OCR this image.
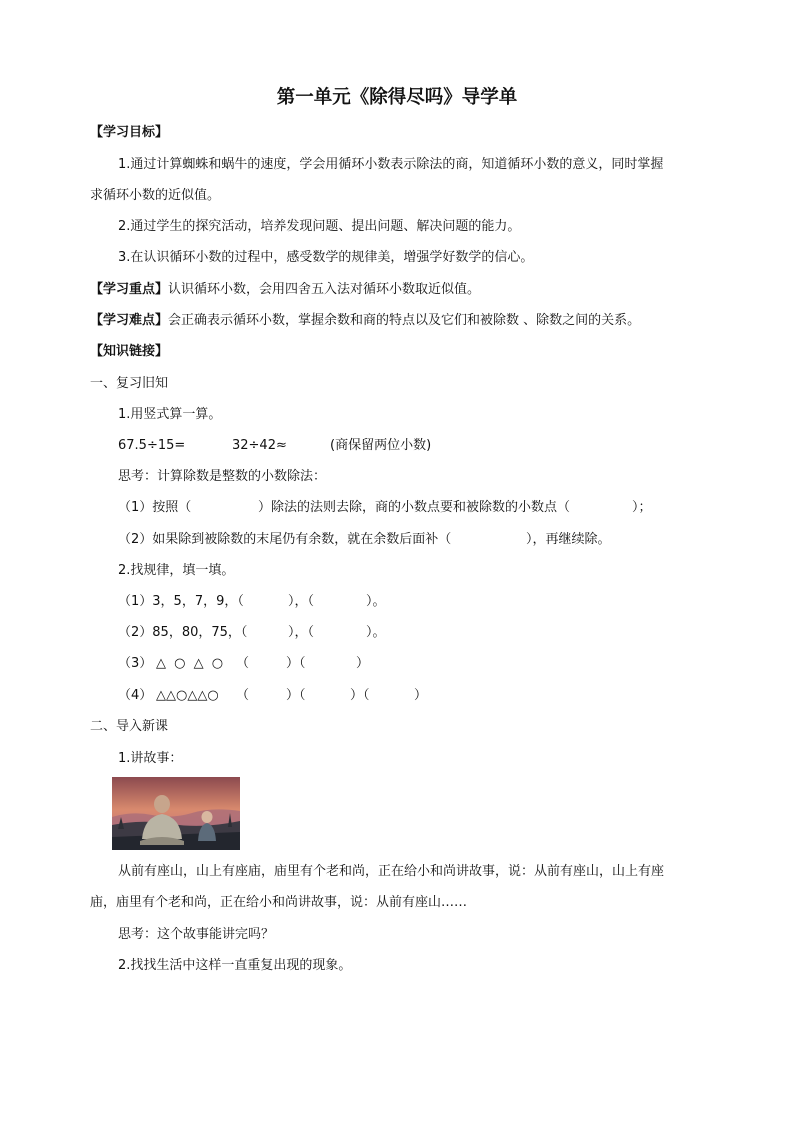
第一单元《除得尽吗》导学单
【学习目标】
1.通过计算蜘蛛和蜗牛的速度，学会用循环小数表示除法的商，知道循环小数的意义，同时掌握
求循环小数的近似值。
2.通过学生的探究活动，培养发现问题、提出问题、解决问题的能力。
3.在认识循环小数的过程中，感受数学的规律美，增强学好数学的信心。
【学习重点】认识循环小数，会用四舍五入法对循环小数取近似值。
【学习难点】会正确表示循环小数，掌握余数和商的特点以及它们和被除数 、除数之间的关系。
【知识链接】
一、复习旧知
1.用竖式算一算。
67.5÷15=	32÷42≈	(商保留两位小数)
思考：计算除数是整数的小数除法：
（1）按照（	）除法的法则去除，商的小数点要和被除数的小数点（	）；
（2）如果除到被除数的末尾仍有余数，就在余数后面补（	），再继续除。
2.找规律，填一填。
（1）3，5，7，9，（	），（	）。
（2）85，80，75，（	），（	）。
（3） △ ○ △ ○ （	）（	）
（4） △△○△△○ （	）（	）（	）
二、导入新课
1.讲故事：
从前有座山，山上有座庙，庙里有个老和尚，正在给小和尚讲故事，说：从前有座山，山上有座
庙，庙里有个老和尚，正在给小和尚讲故事，说：从前有座山……
思考：这个故事能讲完吗？
2.找找生活中这样一直重复出现的现象。
